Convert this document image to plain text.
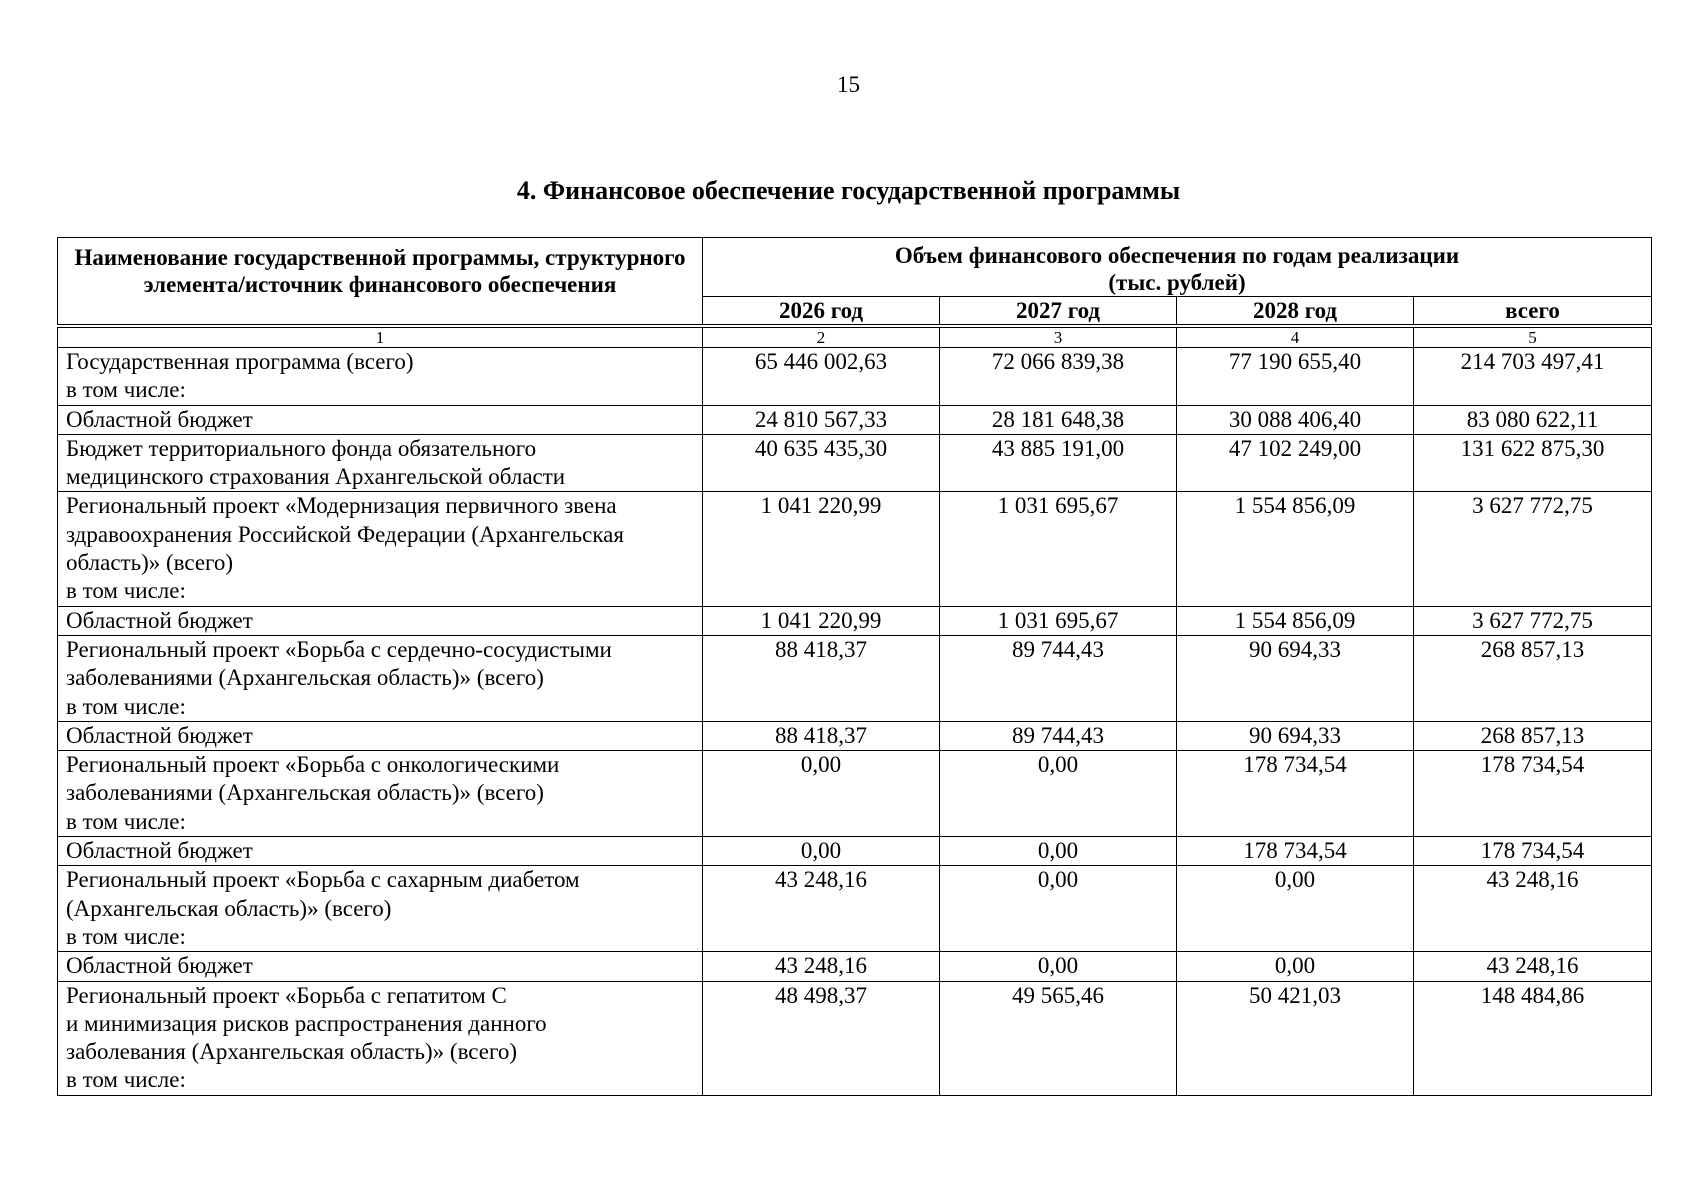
15
4. Финансовое обеспечение государственной программы
Наименование государственной программы, структурного элемента/источник финансового обеспечения	Объем финансового обеспечения по годам реализации
(тыс. рублей)			

	2026 год	2027 год	2028 год	всего

1	2	3	4	5

Государственная программа (всего)
в том числе:	65 446 002,63	72 066 839,38	77 190 655,40	214 703 497,41

Областной бюджет	24 810 567,33	28 181 648,38	30 088 406,40	83 080 622,11

Бюджет территориального фонда обязательного
медицинского страхования Архангельской области	40 635 435,30	43 885 191,00	47 102 249,00	131 622 875,30

Региональный проект «Модернизация первичного звена
здравоохранения Российской Федерации (Архангельская
область)» (всего)
в том числе:	1 041 220,99	1 031 695,67	1 554 856,09	3 627 772,75

Областной бюджет	1 041 220,99	1 031 695,67	1 554 856,09	3 627 772,75

Региональный проект «Борьба с сердечно-сосудистыми
заболеваниями (Архангельская область)» (всего)
в том числе:	88 418,37	89 744,43	90 694,33	268 857,13

Областной бюджет	88 418,37	89 744,43	90 694,33	268 857,13

Региональный проект «Борьба с онкологическими
заболеваниями (Архангельская область)» (всего)
в том числе:	0,00	0,00	178 734,54	178 734,54

Областной бюджет	0,00	0,00	178 734,54	178 734,54

Региональный проект «Борьба с сахарным диабетом
(Архангельская область)» (всего)
в том числе:	43 248,16	0,00	0,00	43 248,16

Областной бюджет	43 248,16	0,00	0,00	43 248,16

Региональный проект «Борьба с гепатитом С
и минимизация рисков распространения данного
заболевания (Архангельская область)» (всего)
в том числе:	48 498,37	49 565,46	50 421,03	148 484,86
